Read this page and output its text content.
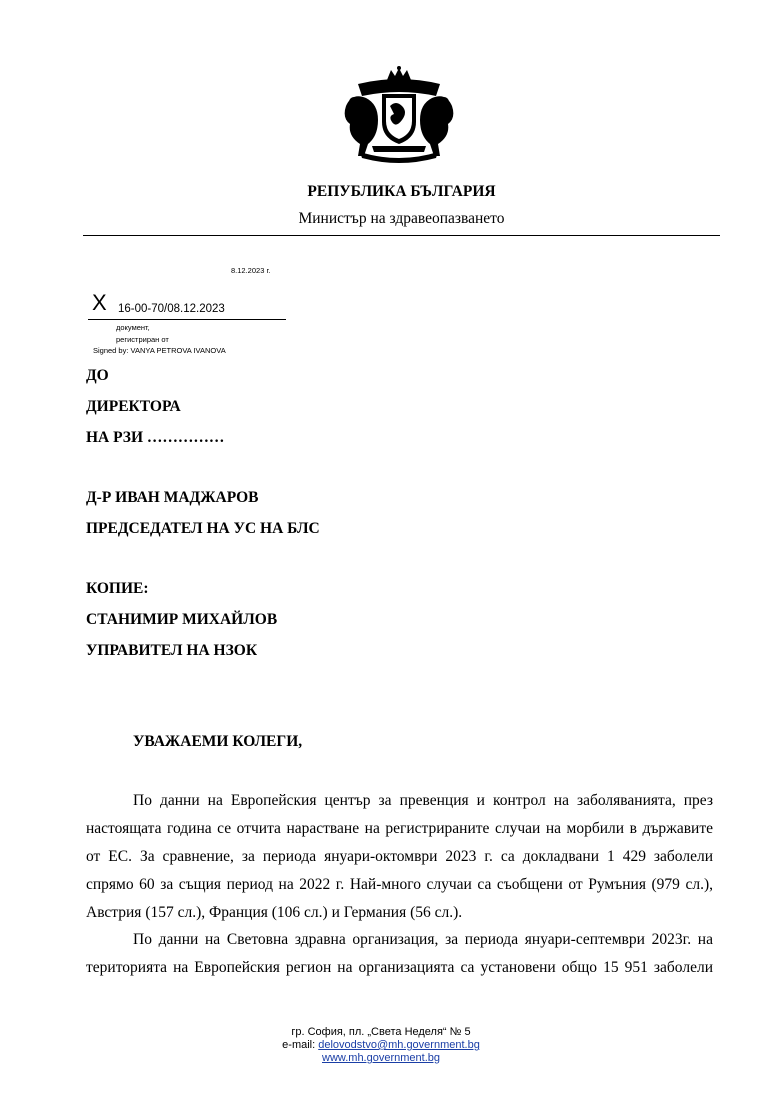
РЕПУБЛИКА БЪЛГАРИЯ
Министър на здравеопазването
8.12.2023 г.
X 16-00-70/08.12.2023
документ,
регистриран от
Signed by: VANYA PETROVA IVANOVA
ДО
ДИРЕКТОРА
НА РЗИ ……………
Д-Р ИВАН МАДЖАРОВ
ПРЕДСЕДАТЕЛ НА УС НА БЛС
КОПИЕ:
СТАНИМИР МИХАЙЛОВ
УПРАВИТЕЛ НА НЗОК
УВАЖАЕМИ КОЛЕГИ,
По данни на Европейския център за превенция и контрол на заболяванията, през
настоящата година се отчита нарастване на регистрираните случаи на морбили в държавите
от ЕС. За сравнение, за периода януари-октомври 2023 г. са докладвани 1 429 заболели
спрямо 60 за същия период на 2022 г. Най-много случаи са съобщени от Румъния (979 сл.),
Австрия (157 сл.), Франция (106 сл.) и Германия (56 сл.).
По данни на Световна здравна организация, за периода януари-септември 2023г. на
територията на Европейския регион на организацията са установени общо 15 951 заболели
гр. София, пл. „Света Неделя“ № 5
e-mail: delovodstvo@mh.government.bg
www.mh.government.bg
